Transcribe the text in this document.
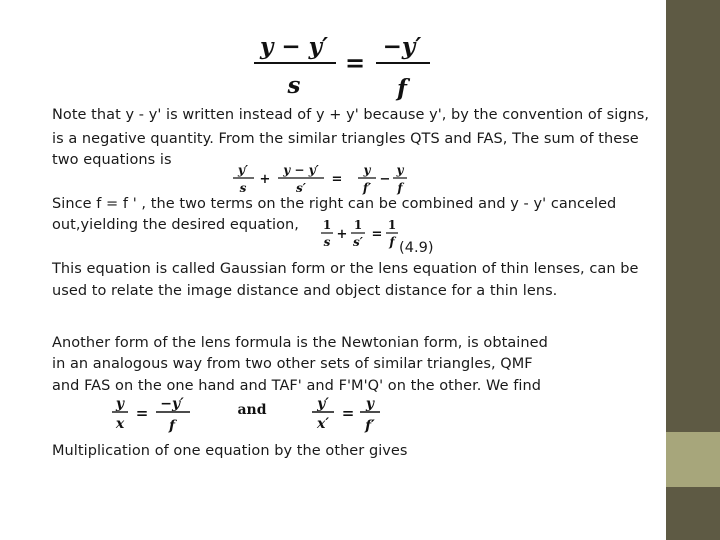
y − y′
s
=
−y′
f
Note that y - y' is written instead of y + y' because y', by the convention of signs,
is a negative quantity. From the similar triangles QTS and FAS, The sum of these
two equations is
y′
s
+
y − y′
s′
=
y
f′
−
y
f
Since f = f ' , the two terms on the right can be combined and y - y' canceled
out,yielding the desired equation, 1
s +
1
s′ =
1
f (4.9)
This equation is called Gaussian form or the lens equation of thin lenses, can be
used to relate the image distance and object distance for a thin lens.
Another form of the lens formula is the Newtonian form, is obtained
in an analogous way from two other sets of similar triangles, QMF
and FAS on the one hand and TAF' and F'M'Q' on the other. We find
y
x
= −y′
f
and	y′
x′
= y
f′
Multiplication of one equation by the other gives
